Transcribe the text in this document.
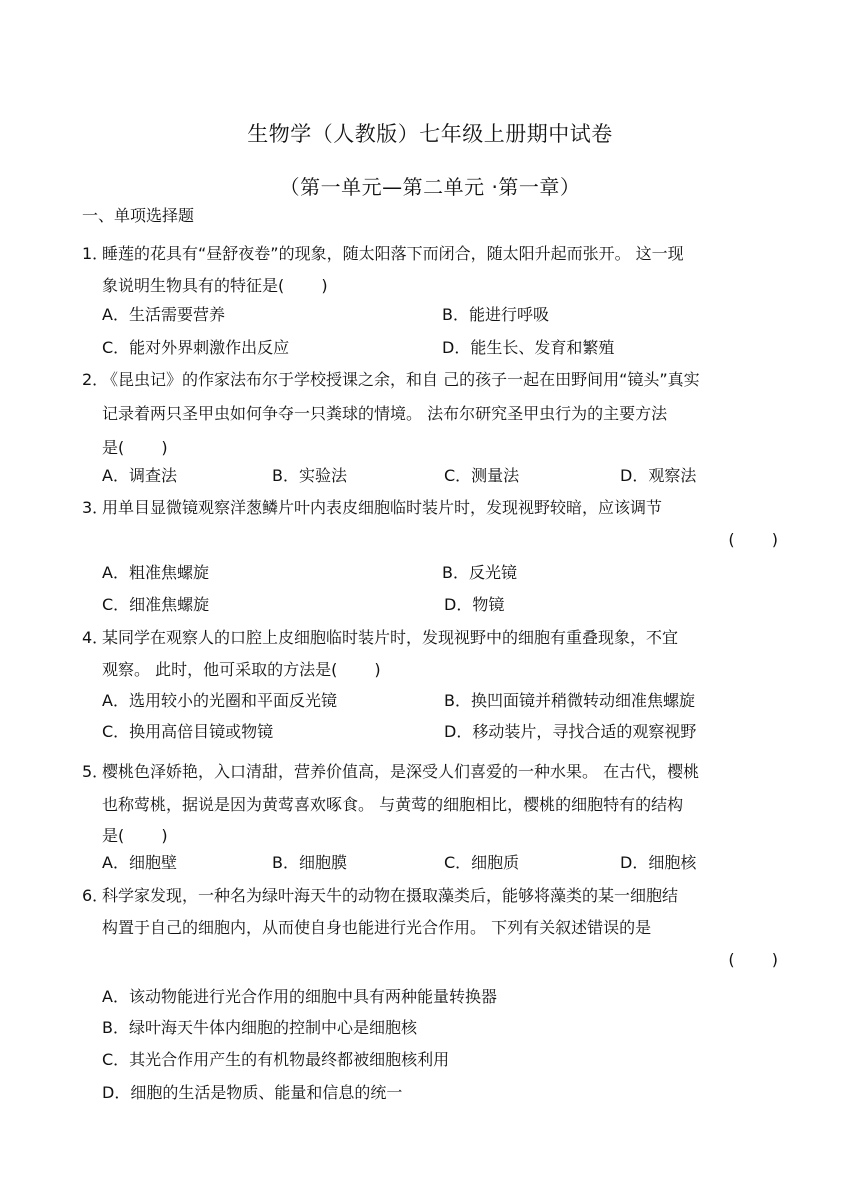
生物学（人教版）七年级上册期中试卷
（第一单元—第二单元 ·第一章）
一、单项选择题
1．
睡莲的花具有“昼舒夜卷”的现象，随太阳落下而闭合，随太阳升起而张开。 这一现
象说明生物具有的特征是(　　 )
A．生活需要营养	B．能进行呼吸
C．能对外界刺激作出反应	D．能生长、发育和繁殖
2．
《昆虫记》的作家法布尔于学校授课之余，和自 己的孩子一起在田野间用“镜头”真实
记录着两只圣甲虫如何争夺一只粪球的情境。 法布尔研究圣甲虫行为的主要方法
是(　　 )
A．调查法	B．实验法	C．测量法	D．观察法
3．
用单目显微镜观察洋葱鳞片叶内表皮细胞临时装片时，发现视野较暗，应该调节
(　　 )
A．粗准焦螺旋	B．反光镜
C．细准焦螺旋	D．物镜
4．
某同学在观察人的口腔上皮细胞临时装片时，发现视野中的细胞有重叠现象，不宜
观察。 此时，他可采取的方法是(　　 )
A．选用较小的光圈和平面反光镜	B．换凹面镜并稍微转动细准焦螺旋
C．换用高倍目镜或物镜	D．移动装片，寻找合适的观察视野
5．
樱桃色泽娇艳，入口清甜，营养价值高，是深受人们喜爱的一种水果。 在古代，樱桃
也称莺桃，据说是因为黄莺喜欢啄食。 与黄莺的细胞相比，樱桃的细胞特有的结构
是(　　 )
A．细胞壁	B．细胞膜	C．细胞质	D．细胞核
6．
科学家发现，一种名为绿叶海天牛的动物在摄取藻类后，能够将藻类的某一细胞结
构置于自己的细胞内，从而使自身也能进行光合作用。 下列有关叙述错误的是
(　　 )
A．该动物能进行光合作用的细胞中具有两种能量转换器
B．绿叶海天牛体内细胞的控制中心是细胞核
C．其光合作用产生的有机物最终都被细胞核利用
D．细胞的生活是物质、能量和信息的统一
